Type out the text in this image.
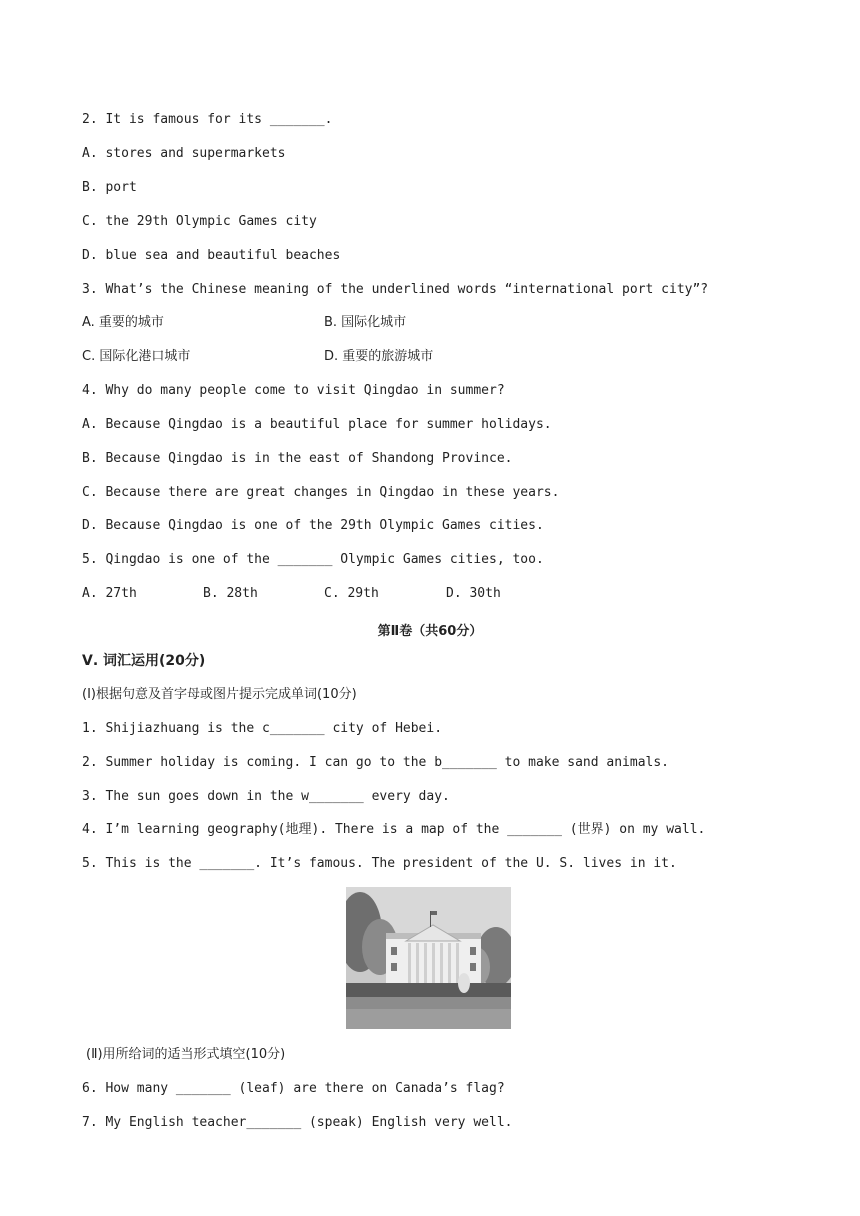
2. It is famous for its _______.
A. stores and supermarkets
B. port
C. the 29th Olympic Games city
D. blue sea and beautiful beaches
3. What’s the Chinese meaning of the underlined words “international port city”?
A. 重要的城市	B. 国际化城市
C. 国际化港口城市	D. 重要的旅游城市
4. Why do many people come to visit Qingdao in summer?
A. Because Qingdao is a beautiful place for summer holidays.
B. Because Qingdao is in the east of Shandong Province.
C. Because there are great changes in Qingdao in these years.
D. Because Qingdao is one of the 29th Olympic Games cities.
5. Qingdao is one of the _______ Olympic Games cities, too.
A. 27th	B. 28th	C. 29th	D. 30th
第Ⅱ卷（共60分）
Ⅴ. 词汇运用(20分)
(Ⅰ)根据句意及首字母或图片提示完成单词(10分)
1. Shijiazhuang is the c_______ city of Hebei.
2. Summer holiday is coming. I can go to the b_______ to make sand animals.
3. The sun goes down in the w_______ every day.
4. I’m learning geography(地理). There is a map of the _______ (世界) on my wall.
5. This is the _______. It’s famous. The president of the U. S. lives in it.
(Ⅱ)用所给词的适当形式填空(10分)
6. How many _______ (leaf) are there on Canada’s flag?
7. My English teacher_______ (speak) English very well.
